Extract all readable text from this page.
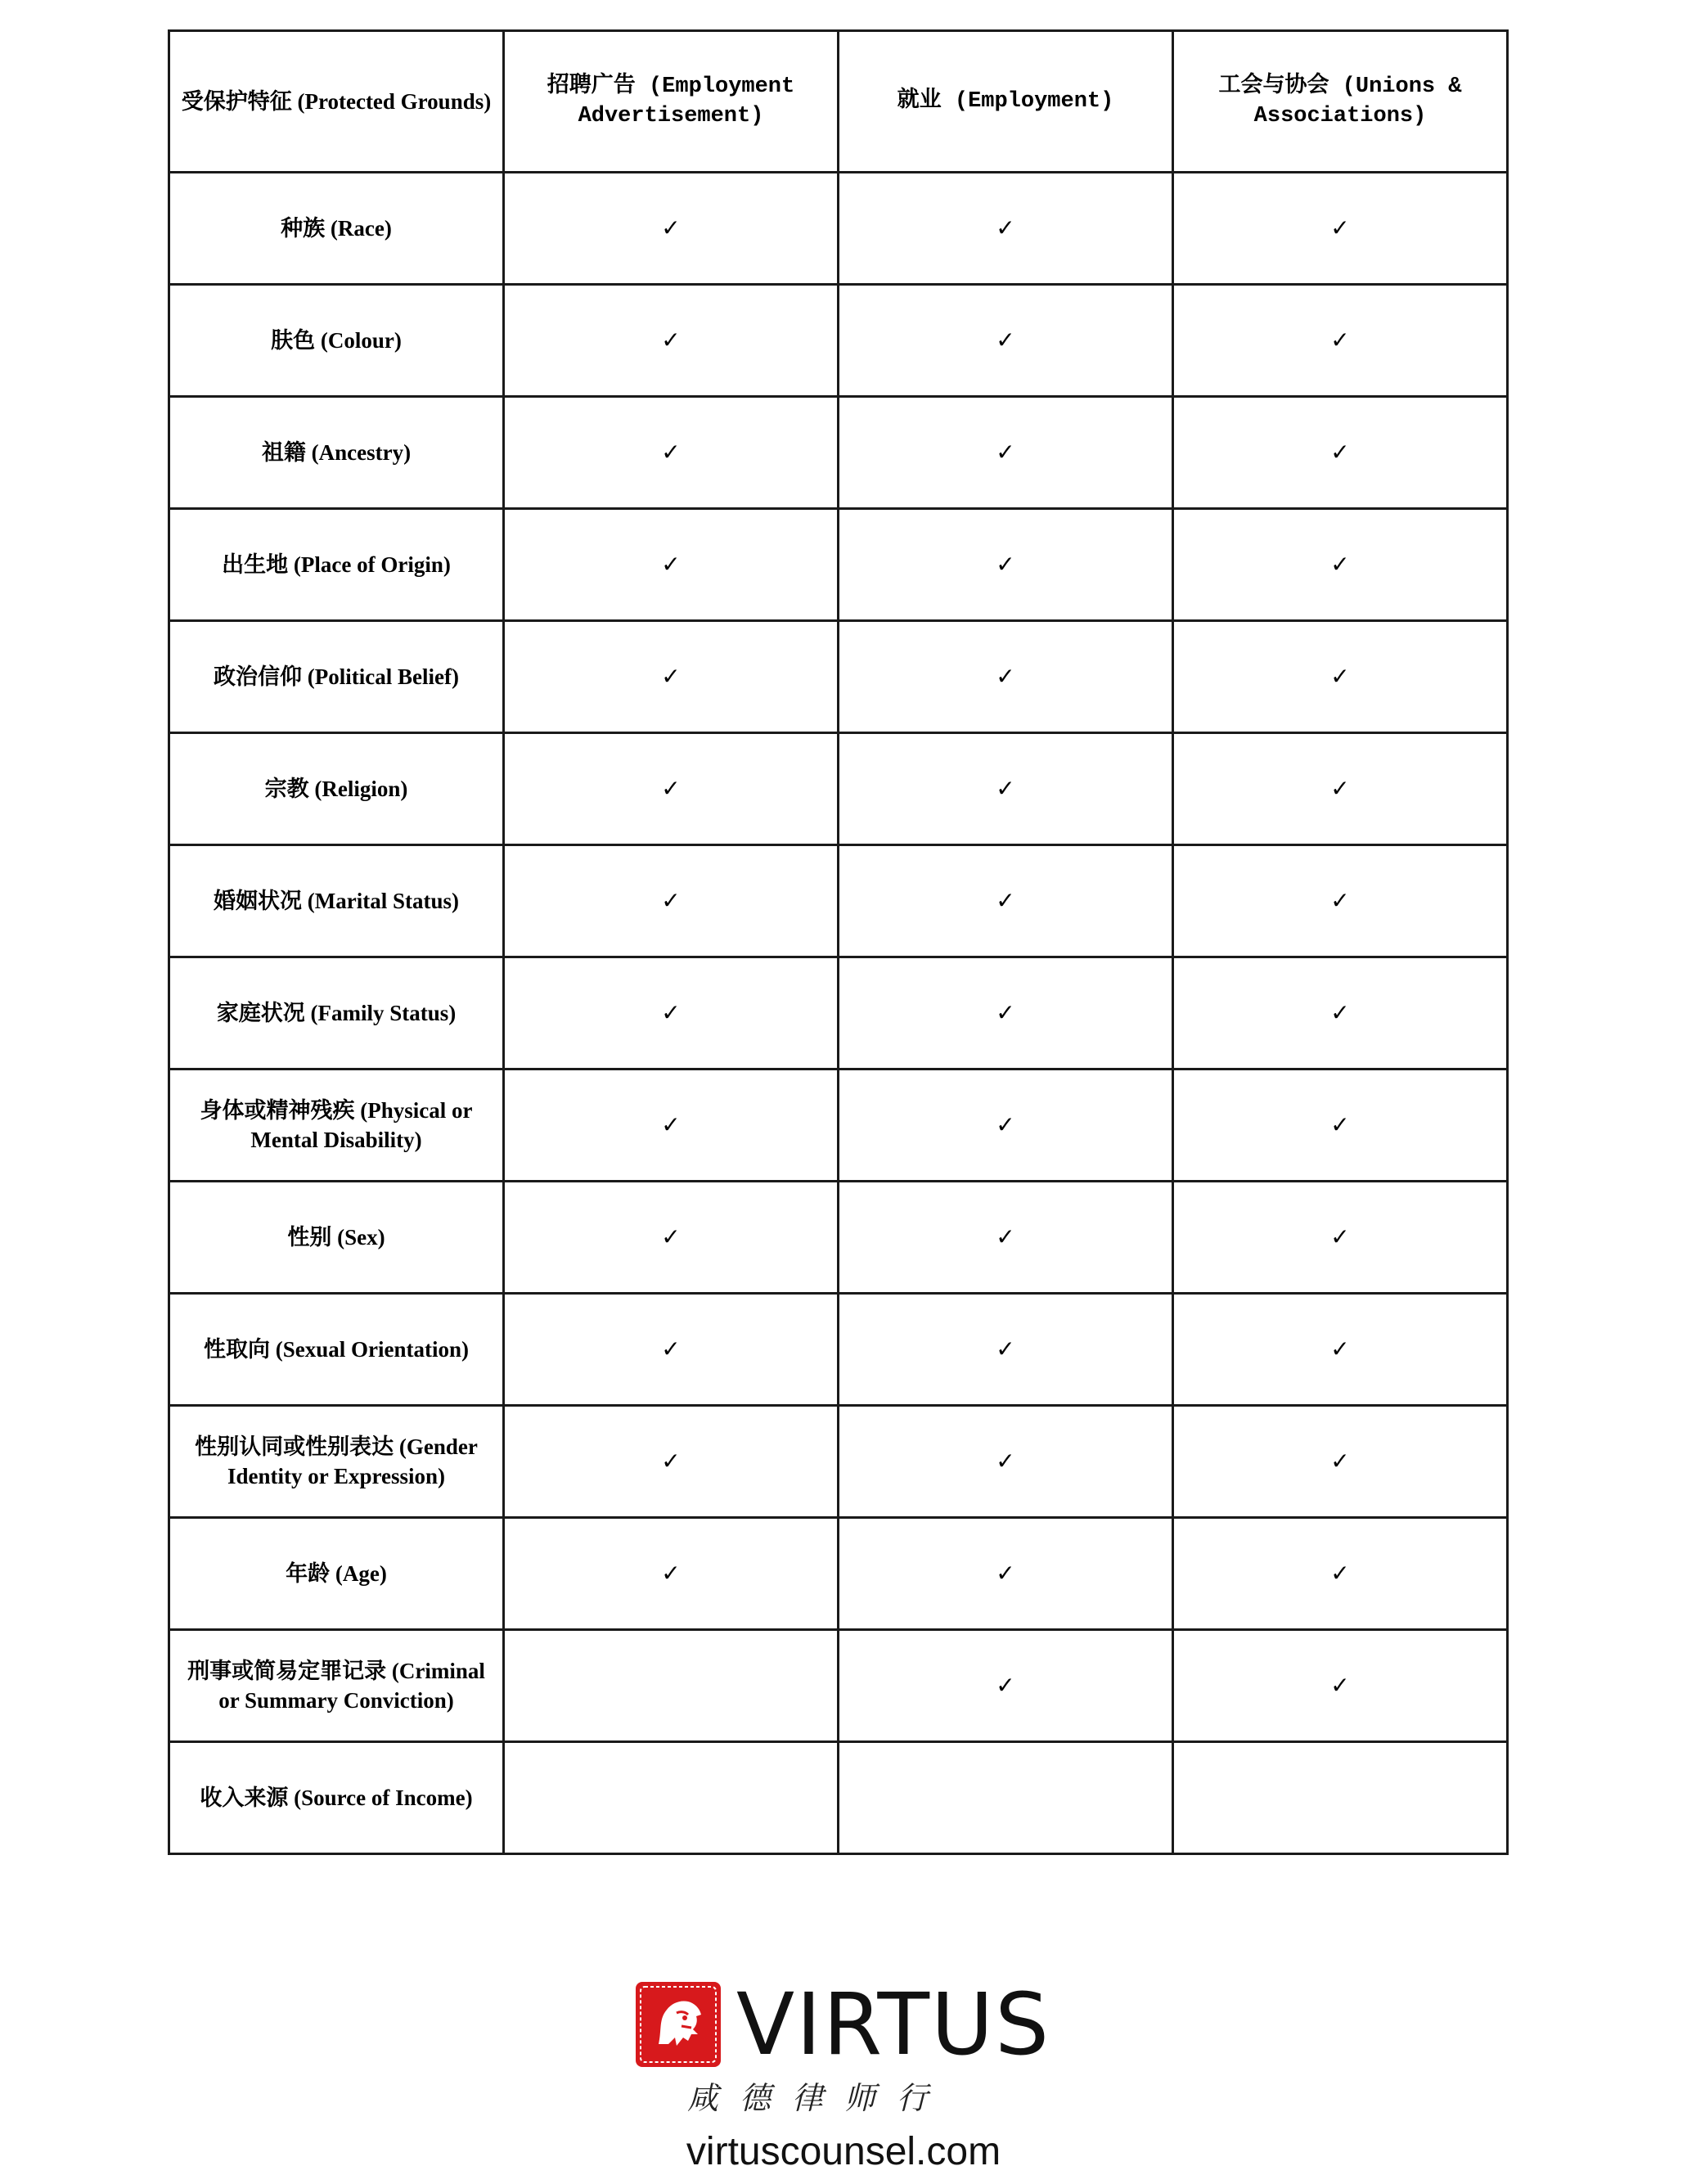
受保护特征 (Protected Grounds)	招聘广告 (Employment Advertisement)	就业 (Employment)	工会与协会 (Unions & Associations)
种族 (Race)	✓	✓	✓
肤色 (Colour)	✓	✓	✓
祖籍 (Ancestry)	✓	✓	✓
出生地 (Place of Origin)	✓	✓	✓
政治信仰 (Political Belief)	✓	✓	✓
宗教 (Religion)	✓	✓	✓
婚姻状况 (Marital Status)	✓	✓	✓
家庭状况 (Family Status)	✓	✓	✓
身体或精神残疾 (Physical or Mental Disability)	✓	✓	✓
性别 (Sex)	✓	✓	✓
性取向 (Sexual Orientation)	✓	✓	✓
性别认同或性别表达 (Gender Identity or Expression)	✓	✓	✓
年龄 (Age)	✓	✓	✓
刑事或简易定罪记录 (Criminal or Summary Conviction)		✓	✓
收入来源 (Source of Income)			
VIRTUS
咸德律师行
virtuscounsel.com
